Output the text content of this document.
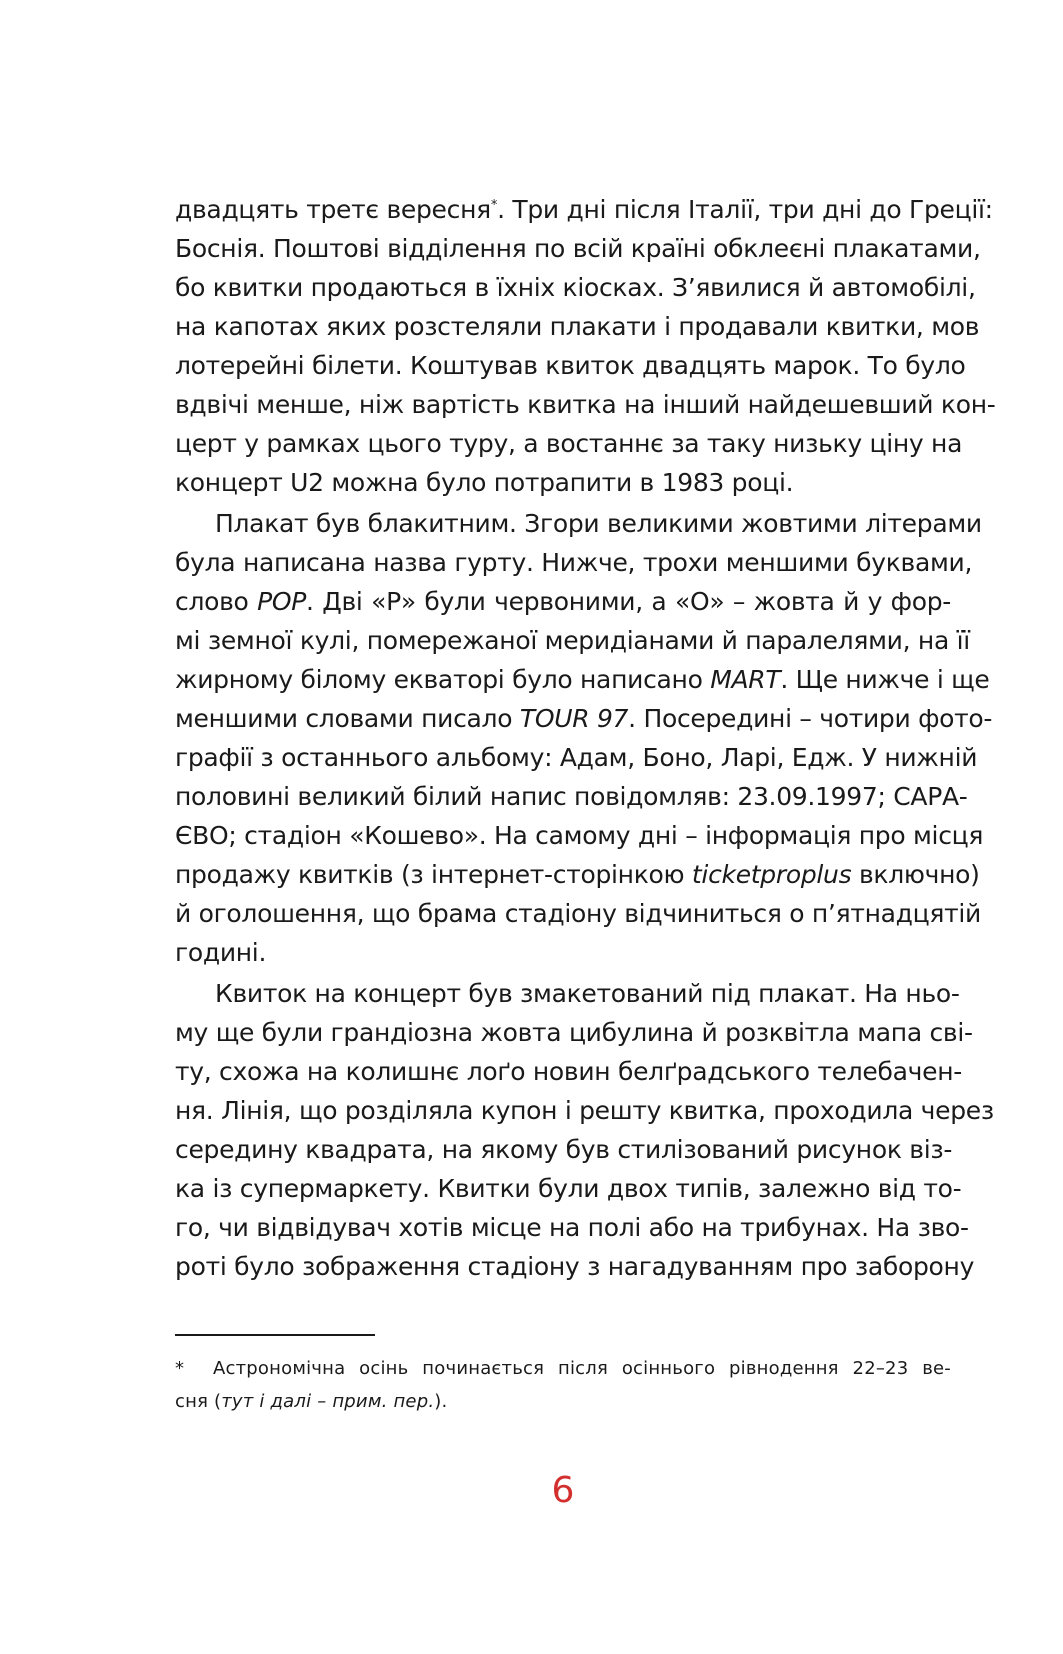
двадцять третє вересня*. Три дні після Італії, три дні до Греції:
Боснія. Поштові відділення по всій країні обклеєні плакатами,
бо квитки продаються в їхніх кіосках. З’явилися й автомобілі,
на капотах яких розстеляли плакати і продавали квитки, мов
лотерейні білети. Коштував квиток двадцять марок. То було
вдвічі менше, ніж вартість квитка на інший найдешевший кон-
церт у рамках цього туру, а востаннє за таку низьку ціну на
концерт U2 можна було потрапити в 1983 році.
Плакат був блакитним. Згори великими жовтими літерами
була написана назва гурту. Нижче, трохи меншими буквами,
слово POP. Дві «P» були червоними, а «O» – жовта й у фор-
мі земної кулі, помережаної меридіанами й паралелями, на її
жирному білому екваторі було написано MART. Ще нижче і ще
меншими словами писало TOUR 97. Посередині – чотири фото-
графії з останнього альбому: Адам, Боно, Ларі, Едж. У нижній
половині великий білий напис повідомляв: 23.09.1997; САРА-
ЄВО; стадіон «Кошево». На самому дні – інформація про місця
продажу квитків (з інтернет-сторінкою ticketproplus включно)
й оголошення, що брама стадіону відчиниться о п’ятнадцятій
годині.
Квиток на концерт був змакетований під плакат. На ньо-
му ще були грандіозна жовта цибулина й розквітла мапа сві-
ту, схожа на колишнє лоґо новин белґрадського телебачен-
ня. Лінія, що розділяла купон і решту квитка, проходила через
середину квадрата, на якому був стилізований рисунок віз-
ка із супермаркету. Квитки були двох типів, залежно від то-
го, чи відвідувач хотів місце на полі або на трибунах. На зво-
роті було зображення стадіону з нагадуванням про заборону
* Астрономічна осінь починається після осіннього рівнодення 22–23 ве-
сня (тут і далі – прим. пер.).
6
